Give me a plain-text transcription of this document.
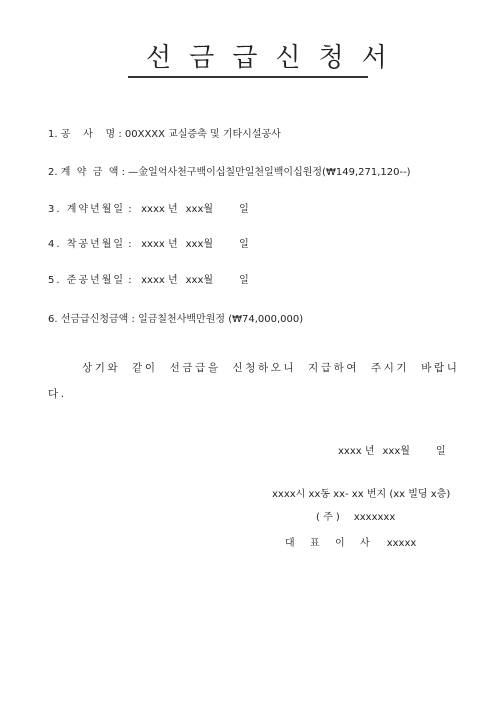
선금급신청서
1. 공    사    명 : 00XXXX 교실증축 및 기타시설공사
2. 계  약  금  액 : —金일억사천구백이십칠만일천일백이십원정(₩149,271,120--)
3. 계약년월일 :   xxxx 년 xxx월	일
4. 착공년월일 :   xxxx 년 xxx월	일
5. 준공년월일 :   xxxx 년 xxx월	일
6. 선금급신청금액 : 일금칠천사백만원정 (₩74,000,000)
상기와 같이 선금급을 신청하오니 지급하여 주시기 바랍니다.
xxxx 년 xxx월	일
xxxx시 xx동 xx- xx 번지 (xx 빌딩 x층)
( 주 ) xxxxxxx
대  표  이  사 xxxxx
